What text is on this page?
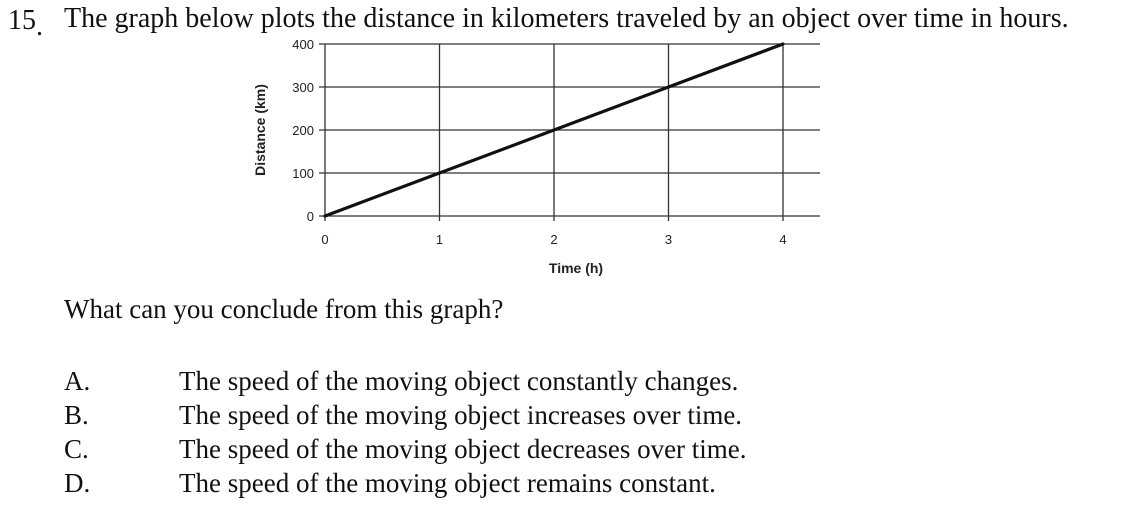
15. The graph below plots the distance in kilometers traveled by an object over time in hours.
0
100
200
300
400
0	1	2	3	4
Time (h)
Distance (km)
What can you conclude from this graph?
A.	The speed of the moving object constantly changes.
B.	The speed of the moving object increases over time.
C.	The speed of the moving object decreases over time.
D.	The speed of the moving object remains constant.
